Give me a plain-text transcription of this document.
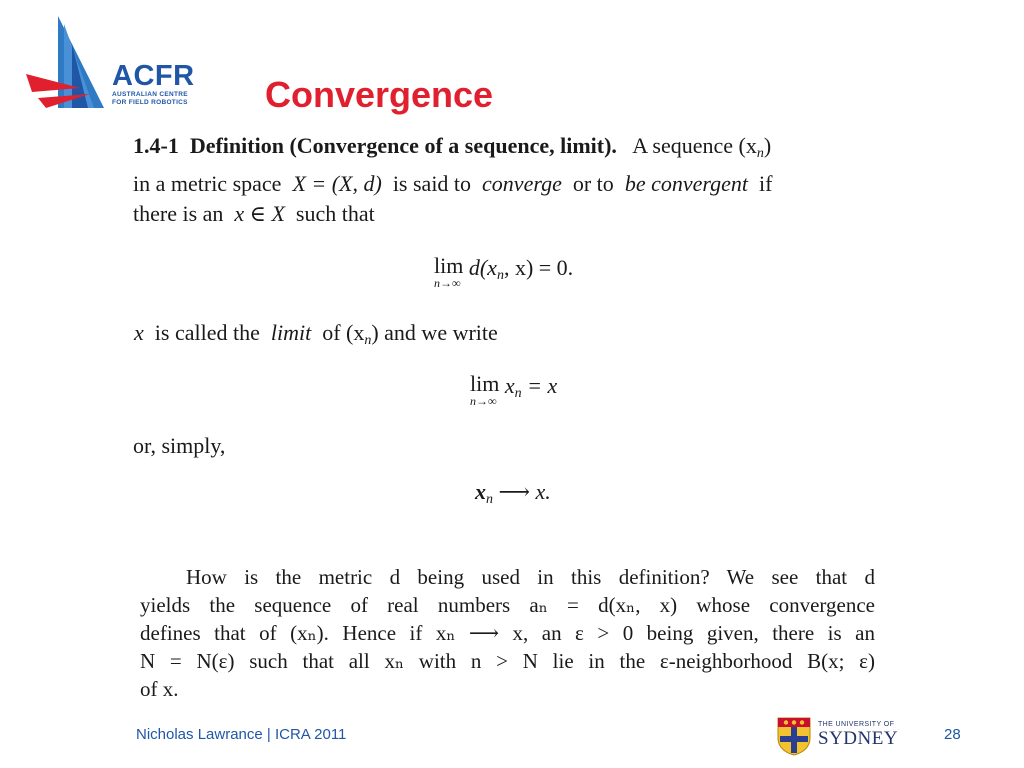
ACFR
AUSTRALIAN CENTRE
FOR FIELD ROBOTICS Convergence
1.4-1 Definition (Convergence of a sequence, limit). A sequence $(x_n)$
in a metric space X = (X, d) is said to converge or to be convergent if
there is an x ∈ X such that
lim
n→∞
$d(x_n$, x) = 0.
x is called the limit of $(x_n)$ and we write
lim
n→∞
$x_n = x$
or, simply,
$x_n$ ⟶ x.
How is the metric d being used in this definition? We see that d
yields the sequence of real numbers aₙ = d(xₙ, x) whose convergence
defines that of (xₙ). Hence if xₙ ⟶ x, an ε > 0 being given, there is an
N = N(ε) such that all xₙ with n > N lie in the ε-neighborhood B(x; ε)
of x.
Nicholas Lawrance | ICRA 2011
THE UNIVERSITY OF
SYDNEY	28
